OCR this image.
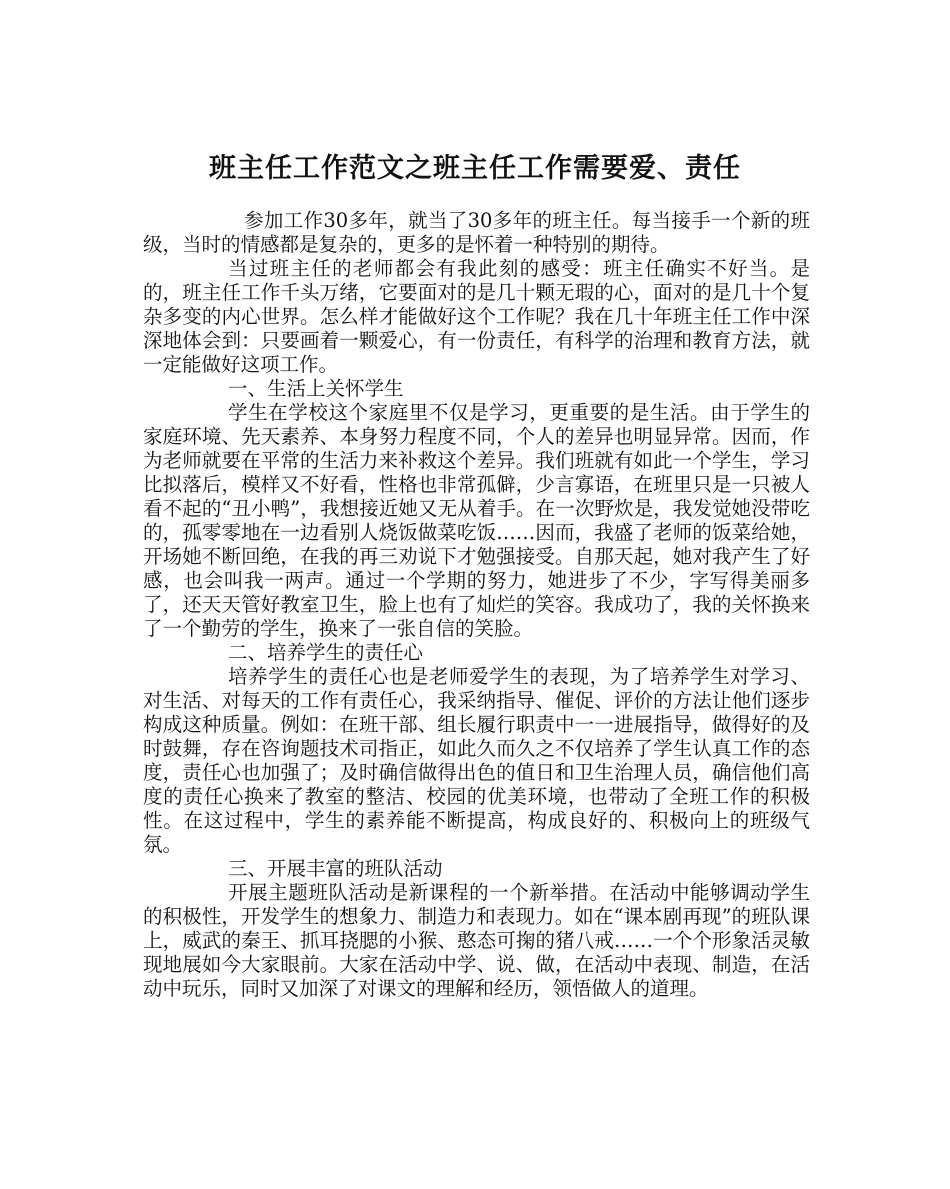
班主任工作范文之班主任工作需要爱、责任

参加工作30多年，就当了30多年的班主任。每当接手一个新的班级，当时的情感都是复杂的，更多的是怀着一种特别的期待。

当过班主任的老师都会有我此刻的感受：班主任确实不好当。是的，班主任工作千头万绪，它要面对的是几十颗无瑕的心，面对的是几十个复杂多变的内心世界。怎么样才能做好这个工作呢？我在几十年班主任工作中深深地体会到：只要画着一颗爱心，有一份责任，有科学的治理和教育方法，就一定能做好这项工作。

一、生活上关怀学生

学生在学校这个家庭里不仅是学习，更重要的是生活。由于学生的家庭环境、先天素养、本身努力程度不同，个人的差异也明显异常。因而，作为老师就要在平常的生活力来补救这个差异。我们班就有如此一个学生，学习比拟落后，模样又不好看，性格也非常孤僻，少言寡语，在班里只是一只被人看不起的“丑小鸭”，我想接近她又无从着手。在一次野炊是，我发觉她没带吃的，孤零零地在一边看别人烧饭做菜吃饭……因而，我盛了老师的饭菜给她，开场她不断回绝，在我的再三劝说下才勉强接受。自那天起，她对我产生了好感，也会叫我一两声。通过一个学期的努力，她进步了不少，字写得美丽多了，还天天管好教室卫生，脸上也有了灿烂的笑容。我成功了，我的关怀换来了一个勤劳的学生，换来了一张自信的笑脸。

二、培养学生的责任心

培养学生的责任心也是老师爱学生的表现，为了培养学生对学习、对生活、对每天的工作有责任心，我采纳指导、催促、评价的方法让他们逐步构成这种质量。例如：在班干部、组长履行职责中一一进展指导，做得好的及时鼓舞，存在咨询题技术司指正，如此久而久之不仅培养了学生认真工作的态度，责任心也加强了；及时确信做得出色的值日和卫生治理人员，确信他们高度的责任心换来了教室的整洁、校园的优美环境，也带动了全班工作的积极性。在这过程中，学生的素养能不断提高，构成良好的、积极向上的班级气氛。

三、开展丰富的班队活动

开展主题班队活动是新课程的一个新举措。在活动中能够调动学生的积极性，开发学生的想象力、制造力和表现力。如在“课本剧再现”的班队课上，威武的秦王、抓耳挠腮的小猴、憨态可掬的猪八戒……一个个形象活灵敏现地展如今大家眼前。大家在活动中学、说、做，在活动中表现、制造，在活动中玩乐，同时又加深了对课文的理解和经历，领悟做人的道理。
